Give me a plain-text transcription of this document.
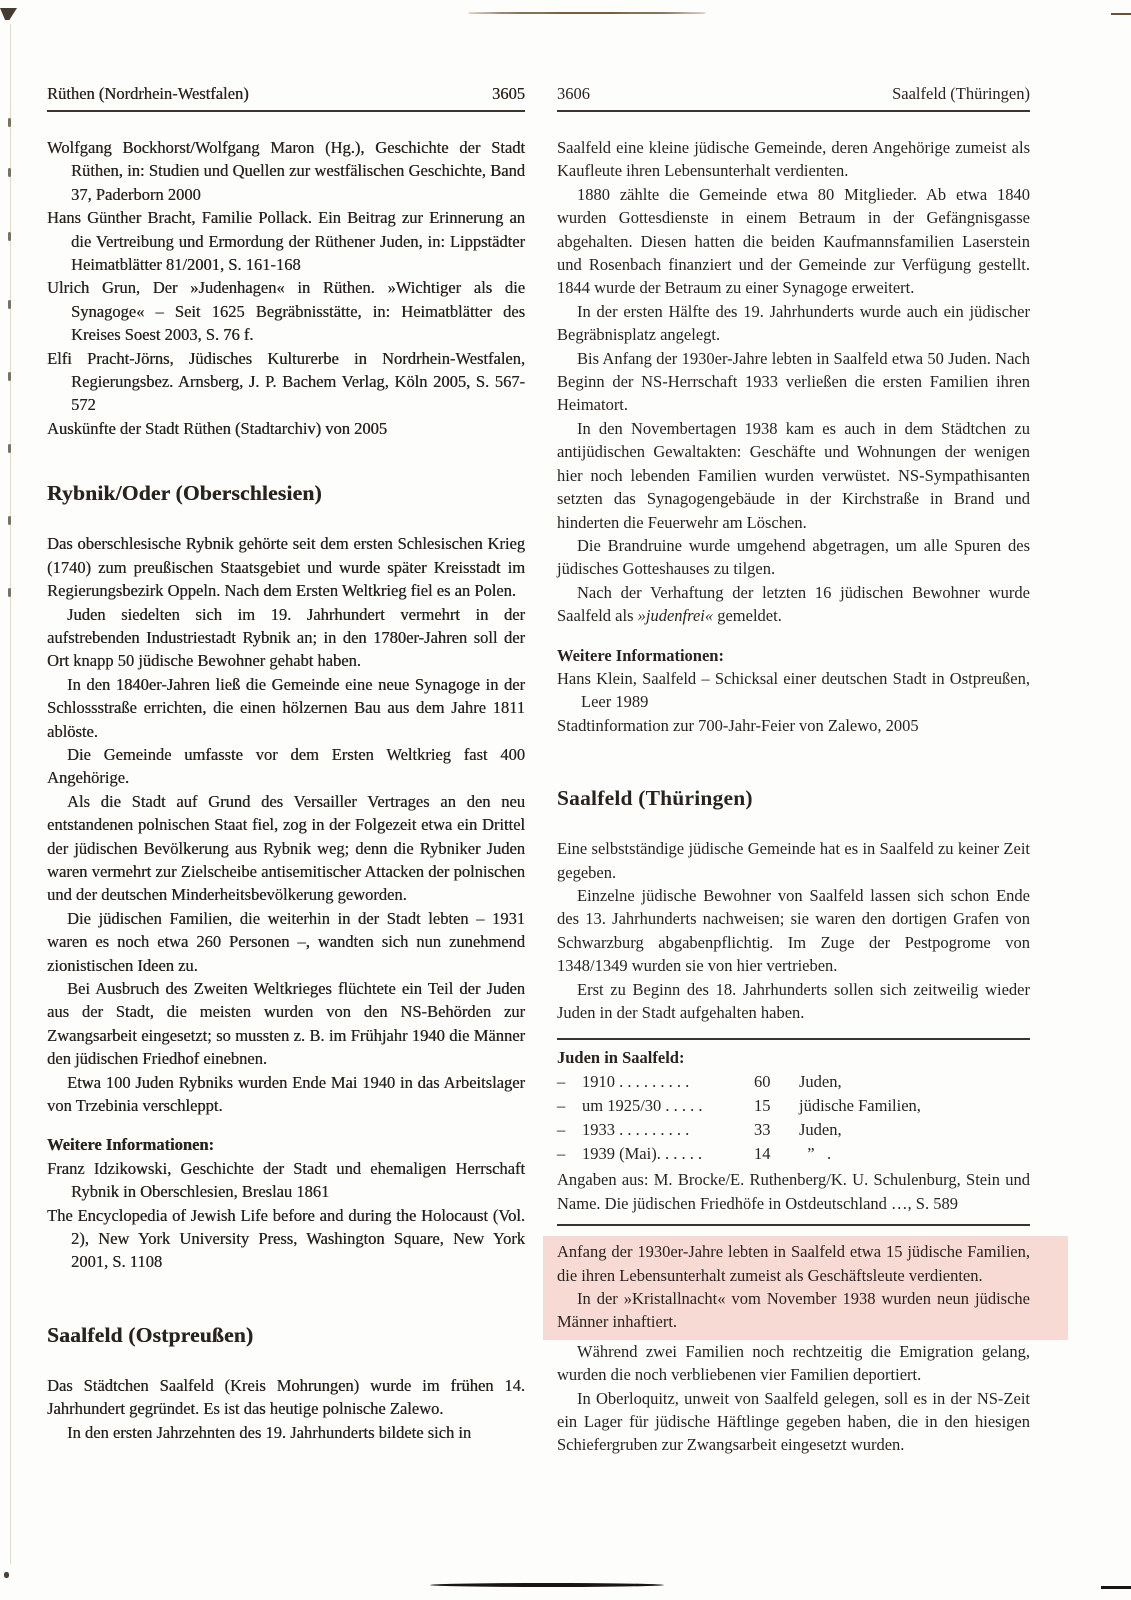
Rüthen (Nordrhein-Westfalen)	3605

Wolfgang Bockhorst/Wolfgang Maron (Hg.), Geschichte der Stadt Rüthen, in: Studien und Quellen zur westfälischen Geschichte, Band 37, Paderborn 2000

Hans Günther Bracht, Familie Pollack. Ein Beitrag zur Erinnerung an die Vertreibung und Ermordung der Rüthener Juden, in: Lippstädter Heimatblätter 81/2001, S. 161-168

Ulrich Grun, Der »Judenhagen« in Rüthen. »Wichtiger als die Synagoge« – Seit 1625 Begräbnisstätte, in: Heimatblätter des Kreises Soest 2003, S. 76 f.

Elfi Pracht-Jörns, Jüdisches Kulturerbe in Nordrhein-Westfalen, Regierungsbez. Arnsberg, J. P. Bachem Verlag, Köln 2005, S. 567-572

Auskünfte der Stadt Rüthen (Stadtarchiv) von 2005

Rybnik/Oder (Oberschlesien)

Das oberschlesische Rybnik gehörte seit dem ersten Schlesischen Krieg (1740) zum preußischen Staatsgebiet und wurde später Kreisstadt im Regierungsbezirk Oppeln. Nach dem Ersten Weltkrieg fiel es an Polen.

Juden siedelten sich im 19. Jahrhundert vermehrt in der aufstrebenden Industriestadt Rybnik an; in den 1780er-Jahren soll der Ort knapp 50 jüdische Bewohner gehabt haben.

In den 1840er-Jahren ließ die Gemeinde eine neue Synagoge in der Schlossstraße errichten, die einen hölzernen Bau aus dem Jahre 1811 ablöste.

Die Gemeinde umfasste vor dem Ersten Weltkrieg fast 400 Angehörige.

Als die Stadt auf Grund des Versailler Vertrages an den neu entstandenen polnischen Staat fiel, zog in der Folgezeit etwa ein Drittel der jüdischen Bevölkerung aus Rybnik weg; denn die Rybniker Juden waren vermehrt zur Zielscheibe antisemitischer Attacken der polnischen und der deutschen Minderheitsbevölkerung geworden.

Die jüdischen Familien, die weiterhin in der Stadt lebten – 1931 waren es noch etwa 260 Personen –, wandten sich nun zunehmend zionistischen Ideen zu.

Bei Ausbruch des Zweiten Weltkrieges flüchtete ein Teil der Juden aus der Stadt, die meisten wurden von den NS-Behörden zur Zwangsarbeit eingesetzt; so mussten z. B. im Frühjahr 1940 die Männer den jüdischen Friedhof einebnen.

Etwa 100 Juden Rybniks wurden Ende Mai 1940 in das Arbeitslager von Trzebinia verschleppt.

Weitere Informationen:

Franz Idzikowski, Geschichte der Stadt und ehemaligen Herrschaft Rybnik in Oberschlesien, Breslau 1861

The Encyclopedia of Jewish Life before and during the Holocaust (Vol. 2), New York University Press, Washington Square, New York 2001, S. 1108

Saalfeld (Ostpreußen)

Das Städtchen Saalfeld (Kreis Mohrungen) wurde im frühen 14. Jahrhundert gegründet. Es ist das heutige polnische Zalewo.

In den ersten Jahrzehnten des 19. Jahrhunderts bildete sich in

3606	Saalfeld (Thüringen)

Saalfeld eine kleine jüdische Gemeinde, deren Angehörige zumeist als Kaufleute ihren Lebensunterhalt verdienten.

1880 zählte die Gemeinde etwa 80 Mitglieder. Ab etwa 1840 wurden Gottesdienste in einem Betraum in der Gefängnisgasse abgehalten. Diesen hatten die beiden Kaufmannsfamilien Laserstein und Rosenbach finanziert und der Gemeinde zur Verfügung gestellt. 1844 wurde der Betraum zu einer Synagoge erweitert.

In der ersten Hälfte des 19. Jahrhunderts wurde auch ein jüdischer Begräbnisplatz angelegt.

Bis Anfang der 1930er-Jahre lebten in Saalfeld etwa 50 Juden. Nach Beginn der NS-Herrschaft 1933 verließen die ersten Familien ihren Heimatort.

In den Novembertagen 1938 kam es auch in dem Städtchen zu antijüdischen Gewaltakten: Geschäfte und Wohnungen der wenigen hier noch lebenden Familien wurden verwüstet. NS-Sympathisanten setzten das Synagogengebäude in der Kirchstraße in Brand und hinderten die Feuerwehr am Löschen.

Die Brandruine wurde umgehend abgetragen, um alle Spuren des jüdisches Gotteshauses zu tilgen.

Nach der Verhaftung der letzten 16 jüdischen Bewohner wurde Saalfeld als »judenfrei« gemeldet.

Weitere Informationen:

Hans Klein, Saalfeld – Schicksal einer deutschen Stadt in Ostpreußen, Leer 1989

Stadtinformation zur 700-Jahr-Feier von Zalewo, 2005

Saalfeld (Thüringen)

Eine selbstständige jüdische Gemeinde hat es in Saalfeld zu keiner Zeit gegeben.

Einzelne jüdische Bewohner von Saalfeld lassen sich schon Ende des 13. Jahrhunderts nachweisen; sie waren den dortigen Grafen von Schwarzburg abgabenpflichtig. Im Zuge der Pestpogrome von 1348/1349 wurden sie von hier vertrieben.

Erst zu Beginn des 18. Jahrhunderts sollen sich zeitweilig wieder Juden in der Stadt aufgehalten haben.

Juden in Saalfeld:

–	1910 . . . . . . . . .	60	Juden,
–	um 1925/30 . . . . .	15	jüdische Familien,
–	1933 . . . . . . . . .	33	Juden,
–	1939 (Mai). . . . . .	14	”   .

Angaben aus: M. Brocke/E. Ruthenberg/K. U. Schulenburg, Stein und Name. Die jüdischen Friedhöfe in Ostdeutschland …, S. 589

Anfang der 1930er-Jahre lebten in Saalfeld etwa 15 jüdische Familien, die ihren Lebensunterhalt zumeist als Geschäftsleute verdienten.

In der »Kristallnacht« vom November 1938 wurden neun jüdische Männer inhaftiert.

Während zwei Familien noch rechtzeitig die Emigration gelang, wurden die noch verbliebenen vier Familien deportiert.

In Oberloquitz, unweit von Saalfeld gelegen, soll es in der NS-Zeit ein Lager für jüdische Häftlinge gegeben haben, die in den hiesigen Schiefergruben zur Zwangsarbeit eingesetzt wurden.
